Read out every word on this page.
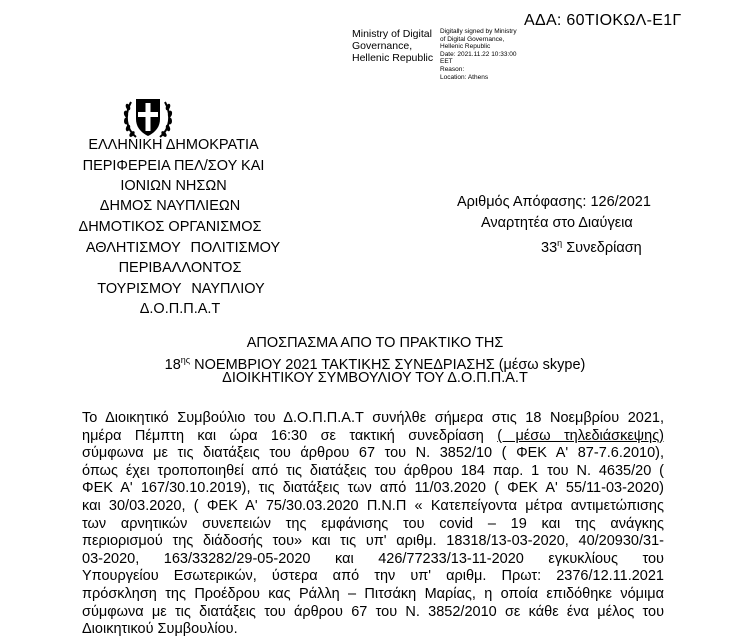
Ministry of Digital
Governance,
Hellenic Republic
Digitally signed by Ministry
of Digital Governance,
Hellenic Republic
Date: 2021.11.22 10:33:00
EET
Reason:
Location: Athens
ΑΔΑ: 60ΤΙΟΚΩΛ-Ε1Γ
ΕΛΛΗΝΙΚΗ ΔΗΜΟΚΡΑΤΙΑ
ΠΕΡΙΦΕΡΕΙΑ ΠΕΛ/ΣΟΥ ΚΑΙ
ΙΟΝΙΩΝ ΝΗΣΩΝ
ΔΗΜΟΣ ΝΑΥΠΛΙΕΩΝ
ΔΗΜΟΤΙΚΟΣ ΟΡΓΑΝΙΣΜΟΣ
ΑΘΛΗΤΙΣΜΟΥ ΠΟΛΙΤΙΣΜΟΥ
ΠΕΡΙΒΑΛΛΟΝΤΟΣ
ΤΟΥΡΙΣΜΟΥ ΝΑΥΠΛΙΟΥ
Δ.Ο.Π.Π.Α.Τ
Αριθμός Απόφασης: 126/2021
Αναρτητέα στο Διαύγεια
$33^\eta$ Συνεδρίαση
ΑΠΟΣΠΑΣΜΑ ΑΠΟ ΤΟ ΠΡΑΚΤΙΚΟ ΤΗΣ
$18^{\eta\varsigma}$ ΝΟΕΜΒΡΙΟΥ 2021 ΤΑΚΤΙΚΗΣ ΣΥΝΕΔΡΙΑΣΗΣ (μέσω skype)
ΔΙΟΙΚΗΤΙΚΟΥ ΣΥΜΒΟΥΛΙΟΥ ΤΟΥ Δ.Ο.Π.Π.Α.Τ
Το Διοικητικό Συμβούλιο του Δ.Ο.Π.Π.Α.Τ συνήλθε σήμερα στις 18 Νοεμβρίου 2021,
ημέρα Πέμπτη και ώρα 16:30 σε τακτική συνεδρίαση ( μέσω τηλεδιάσκεψης)
σύμφωνα με τις διατάξεις του άρθρου 67 του Ν. 3852/10 ( ΦΕΚ Α' 87-7.6.2010),
όπως έχει τροποποιηθεί από τις διατάξεις του άρθρου 184 παρ. 1 του Ν. 4635/20 (
ΦΕΚ Α' 167/30.10.2019), τις διατάξεις των από 11/03.2020 ( ΦΕΚ Α' 55/11-03-2020)
και 30/03.2020, ( ΦΕΚ Α' 75/30.03.2020 Π.Ν.Π « Κατεπείγοντα μέτρα αντιμετώπισης
των αρνητικών συνεπειών της εμφάνισης του covid – 19 και της ανάγκης
περιορισμού της διάδοσής του» και τις υπ' αριθμ. 18318/13-03-2020, 40/20930/31-
03-2020, 163/33282/29-05-2020 και 426/77233/13-11-2020 εγκυκλίους του
Υπουργείου Εσωτερικών, ύστερα από την υπ' αριθμ. Πρωτ: 2376/12.11.2021
πρόσκληση της Προέδρου κας Ράλλη – Πιτσάκη Μαρίας, η οποία επιδόθηκε νόμιμα
σύμφωνα με τις διατάξεις του άρθρου 67 του Ν. 3852/2010 σε κάθε ένα μέλος του
Διοικητικού Συμβουλίου.
